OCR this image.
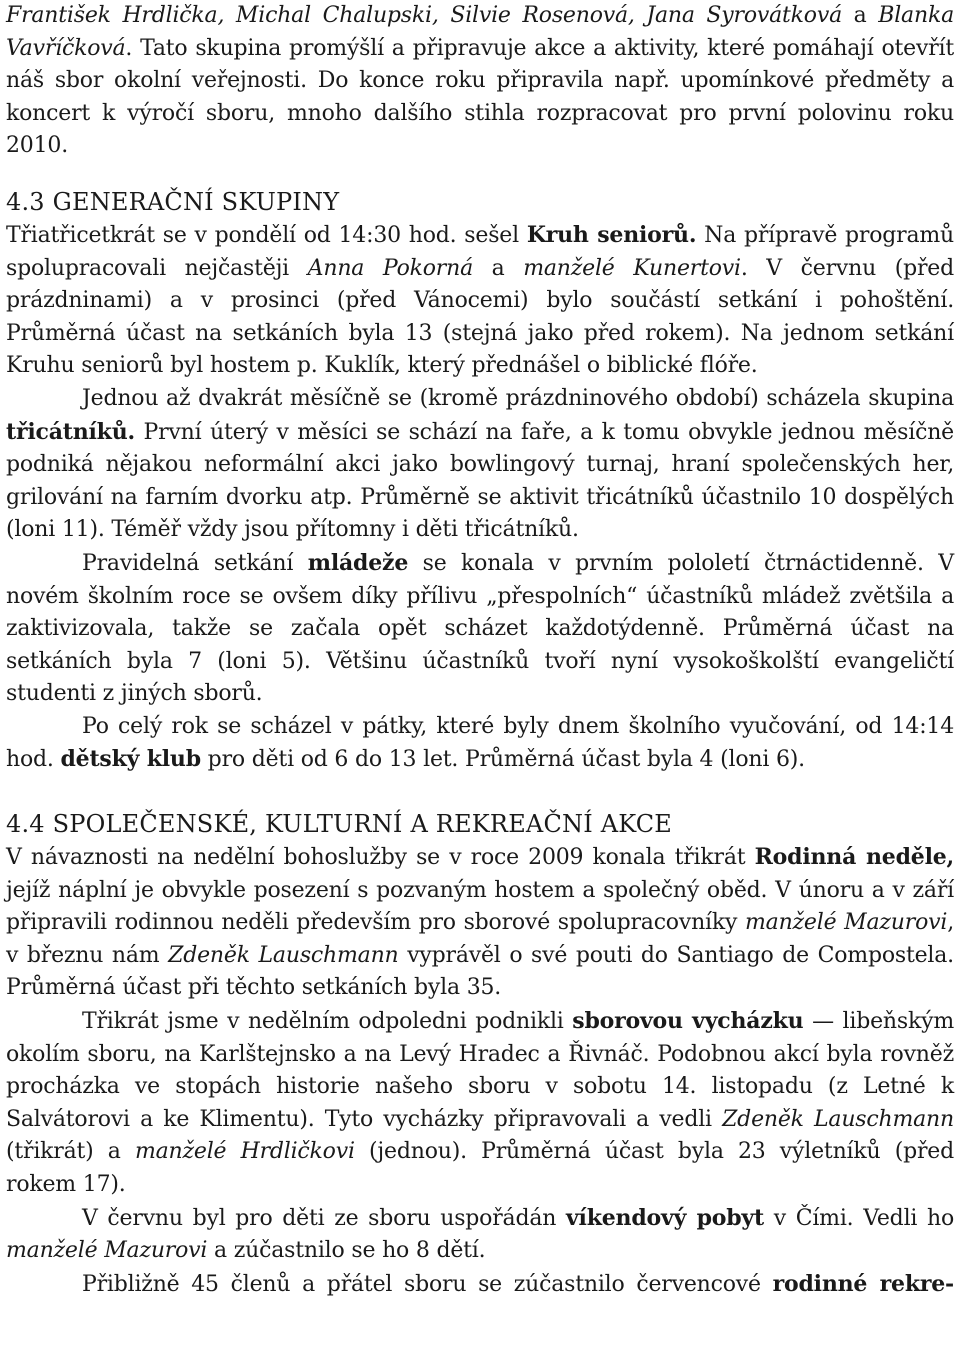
František Hrdlička, Michal Chalupski, Silvie Rosenová, Jana Syrovátková a Blanka Vavříčková. Tato skupina promýšlí a připravuje akce a aktivity, které pomáhají otevřít náš sbor okolní veřejnosti. Do konce roku připravila např. upomínkové předměty a koncert k výročí sboru, mnoho dalšího stihla rozpracovat pro první polovinu roku 2010.

4.3 GENERAČNÍ SKUPINY

Třiatřicetkrát se v pondělí od 14:30 hod. sešel Kruh seniorů. Na přípravě programů spolupracovali nejčastěji Anna Pokorná a manželé Kunertovi. V červnu (před prázdninami) a v prosinci (před Vánocemi) bylo součástí setkání i pohoštění. Průměrná účast na setkáních byla 13 (stejná jako před rokem). Na jednom setkání Kruhu seniorů byl hostem p. Kuklík, který přednášel o biblické flóře.

Jednou až dvakrát měsíčně se (kromě prázdninového období) scházela skupina třicátníků. První úterý v měsíci se schází na faře, a k tomu obvykle jednou měsíčně podniká nějakou neformální akci jako bowlingový turnaj, hraní společenských her, grilování na farním dvorku atp. Průměrně se aktivit třicátníků účastnilo 10 dospělých (loni 11). Téměř vždy jsou přítomny i děti třicátníků.

Pravidelná setkání mládeže se konala v prvním pololetí čtrnáctidenně. V novém školním roce se ovšem díky přílivu „přespolních“ účastníků mládež zvětšila a zaktivizovala, takže se začala opět scházet každotýdenně. Průměrná účast na setkáních byla 7 (loni 5). Většinu účastníků tvoří nyní vysokoškolští evangeličtí studenti z jiných sborů.

Po celý rok se scházel v pátky, které byly dnem školního vyučování, od 14:14 hod. dětský klub pro děti od 6 do 13 let. Průměrná účast byla 4 (loni 6).

4.4 SPOLEČENSKÉ, KULTURNÍ A REKREAČNÍ AKCE

V návaznosti na nedělní bohoslužby se v roce 2009 konala třikrát Rodinná neděle, jejíž náplní je obvykle posezení s pozvaným hostem a společný oběd. V únoru a v září připravili rodinnou neděli především pro sborové spolupracovníky manželé Mazurovi, v březnu nám Zdeněk Lauschmann vyprávěl o své pouti do Santiago de Compostela. Průměrná účast při těchto setkáních byla 35.

Třikrát jsme v nedělním odpoledni podnikli sborovou vycházku — libeňským okolím sboru, na Karlštejnsko a na Levý Hradec a Řivnáč. Podobnou akcí byla rovněž procházka ve stopách historie našeho sboru v sobotu 14. listopadu (z Letné k Salvátorovi a ke Klimentu). Tyto vycházky připravovali a vedli Zdeněk Lauschmann (třikrát) a manželé Hrdličkovi (jednou). Průměrná účast byla 23 výletníků (před rokem 17).

V červnu byl pro děti ze sboru uspořádán víkendový pobyt v Čími. Vedli ho manželé Mazurovi a zúčastnilo se ho 8 dětí.

Přibližně 45 členů a přátel sboru se zúčastnilo červencové rodinné rekre-
